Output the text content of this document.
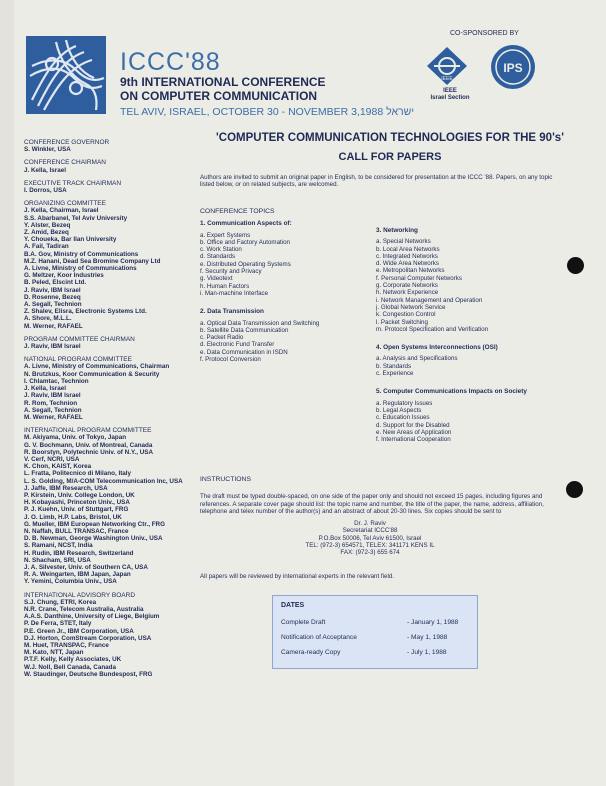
CO-SPONSORED BY
ICCC'88
9th INTERNATIONAL CONFERENCE
ON COMPUTER COMMUNICATION
TEL AVIV, ISRAEL, OCTOBER 30 - NOVEMBER 3,1988 ישראל
IEEE
IEEE
Israel Section
IPS
CONFERENCE GOVERNOR
S. Winkler, USA
CONFERENCE CHAIRMAN
J. Kella, Israel
EXECUTIVE TRACK CHAIRMAN
I. Dorros, USA
ORGANIZING COMMITTEE
J. Kella, Chairman, Israel
S.S. Abarbanel, Tel Aviv University
Y. Alster, Bezeq
Z. Amid, Bezeq
Y. Choueka, Bar Ilan University
A. Fail, Tadiran
B.A. Gov, Ministry of Communications
M.Z. Hanani, Dead Sea Bromine Company Ltd
A. Livne, Ministry of Communications
G. Meltzer, Koor Industries
B. Peled, Elscint Ltd.
J. Raviv, IBM Israel
D. Rosenne, Bezeq
A. Segall, Technion
Z. Shalev, Elisra, Electronic Systems Ltd.
A. Shore, M.L.L.
M. Werner, RAFAEL
PROGRAM COMMITTEE CHAIRMAN
J. Raviv, IBM Israel
NATIONAL PROGRAM COMMITTEE
A. Livne, Ministry of Communications, Chairman
N. Brutzkus, Koor Communication & Security
I. Chlamtac, Technion
J. Kella, Israel
J. Raviv, IBM Israel
R. Rom, Technion
A. Segall, Technion
M. Werner, RAFAEL
INTERNATIONAL PROGRAM COMMITTEE
M. Akiyama, Univ. of Tokyo, Japan
G. V. Bochmann, Univ. of Montreal, Canada
R. Boorstyn, Polytechnic Univ. of N.Y., USA
V. Cerf, NCRI, USA
K. Chon, KAIST, Korea
L. Fratta, Politecnico di Milano, Italy
L. S. Golding, M/A-COM Telecommunication Inc, USA
J. Jaffe, IBM Research, USA
P. Kirstein, Univ. College London, UK
H. Kobayashi, Princeton Univ., USA
P. J. Kuehn, Univ. of Stuttgart, FRG
J. O. Limb, H.P. Labs, Bristol, UK
G. Mueller, IBM European Networking Ctr., FRG
N. Naffah, BULL TRANSAC, France
D. B. Newman, George Washington Univ., USA
S. Ramani, NCST, India
H. Rudin, IBM Research, Switzerland
N. Shacham, SRI, USA
J. A. Silvester, Univ. of Southern CA, USA
R. A. Weingarten, IBM Japan, Japan
Y. Yemini, Columbia Univ., USA
INTERNATIONAL ADVISORY BOARD
S.J. Chung, ETRI, Korea
N.R. Crane, Telecom Australia, Australia
A.A.S. Danthine, University of Liege, Belgium
P. De Ferra, STET, Italy
P.E. Green Jr., IBM Corporation, USA
D.J. Horton, ComStream Corporation, USA
M. Huet, TRANSPAC, France
M. Kato, NTT, Japan
P.T.F. Kelly, Kelly Associates, UK
W.J. Noll, Bell Canada, Canada
W. Staudinger, Deutsche Bundespost, FRG
'COMPUTER COMMUNICATION TECHNOLOGIES FOR THE 90's'
CALL FOR PAPERS
Authors are invited to submit an original paper in English, to be considered for presentation at the ICCC '88. Papers, on any topic listed below, or on related subjects, are welcomed.
CONFERENCE TOPICS
1. Communication Aspects of:
a. Expert Systems
b. Office and Factory Automation
c. Work Station
d. Standards
e. Distributed Operating Systems
f. Security and Privacy
g. Videotext
h. Human Factors
i. Man-machine Interface
2. Data Transmission
a. Optical Data Transmission and Switching
b. Satellite Data Communication
c. Packet Radio
d. Electronic Fund Transfer
e. Data Communication in ISDN
f. Protocol Conversion
3. Networking
a. Special Networks
b. Local Area Networks
c. Integrated Networks
d. Wide Area Networks
e. Metropolitan Networks
f. Personal Computer Networks
g. Corporate Networks
h. Network Experience
i. Network Management and Operation
j. Global Network Service
k. Congestion Control
l. Packet Switching
m. Protocol Specification and Verification
4. Open Systems Interconnections (OSI)
a. Analysis and Specifications
b. Standards
c. Experience
5. Computer Communications Impacts on Society
a. Regulatory Issues
b. Legal Aspects
c. Education Issues
d. Support for the Disabled
e. New Areas of Application
f. International Cooperation
INSTRUCTIONS
The draft must be typed double-spaced, on one side of the paper only and should not exceed 15 pages, including figures and references. A separate cover page should list: the topic name and number, the title of the paper, the name, address, affiliation, telephone and telex number of the author(s) and an abstract of about 20-30 lines. Six copies should be sent to
Dr. J. Raviv
Secretariat ICCC'88
P.O.Box 50006, Tel Aviv 61500, Israel
TEL: (972-3) 654571, TELEX: 341171 KENS IL
FAX: (972-3) 655 674
All papers will be reviewed by international experts in the relevant field.
DATES
Complete Draft	- January 1, 1988
Notification of Acceptance	- May 1, 1988
Camera-ready Copy	- July 1, 1988
